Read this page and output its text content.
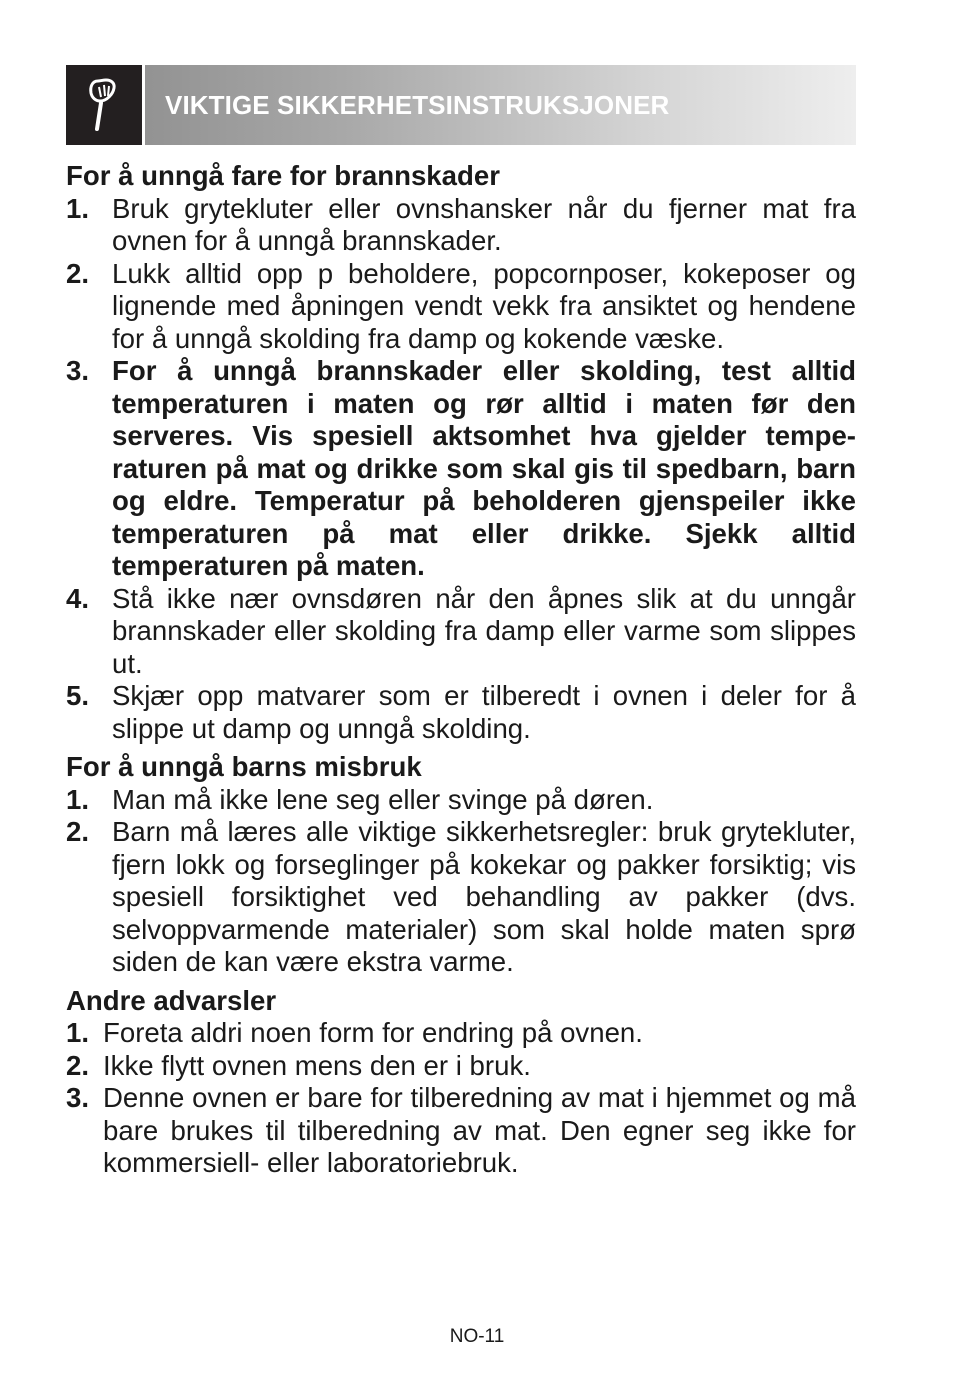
VIKTIGE SIKKERHETSINSTRUKSJONER

For å unngå fare for brannskader

1. Bruk grytekluter eller ovnshansker når du fjerner mat fra ovnen for å unngå brannskader.
2. Lukk alltid opp p beholdere, popcornposer, kokeposer og lignende med åpningen vendt vekk fra ansiktet og hendene for å unngå skolding fra damp og kokende væske.
3. For å unngå brannskader eller skolding, test alltid temperaturen i maten og rør alltid i maten før den serveres. Vis spesiell aktsomhet hva gjelder temperaturen på mat og drikke som skal gis til spedbarn, barn og eldre. Temperatur på beholderen gjenspeiler ikke temperaturen på mat eller drikke. Sjekk alltid temperaturen på maten.
4. Stå ikke nær ovnsdøren når den åpnes slik at du unngår brannskader eller skolding fra damp eller varme som slippes ut.
5. Skjær opp matvarer som er tilberedt i ovnen i deler for å slippe ut damp og unngå skolding.

For å unngå barns misbruk

1. Man må ikke lene seg eller svinge på døren.
2. Barn må læres alle viktige sikkerhetsregler: bruk grytekluter, fjern lokk og forseglinger på kokekar og pakker forsiktig; vis spesiell forsiktighet ved behandling av pakker (dvs. selvoppvarmende materialer) som skal holde maten sprø siden de kan være ekstra varme.

Andre advarsler

1. Foreta aldri noen form for endring på ovnen.
2. Ikke flytt ovnen mens den er i bruk.
3. Denne ovnen er bare for tilberedning av mat i hjemmet og må bare brukes til tilberedning av mat. Den egner seg ikke for kommersiell- eller laboratoriebruk.
NO-11
